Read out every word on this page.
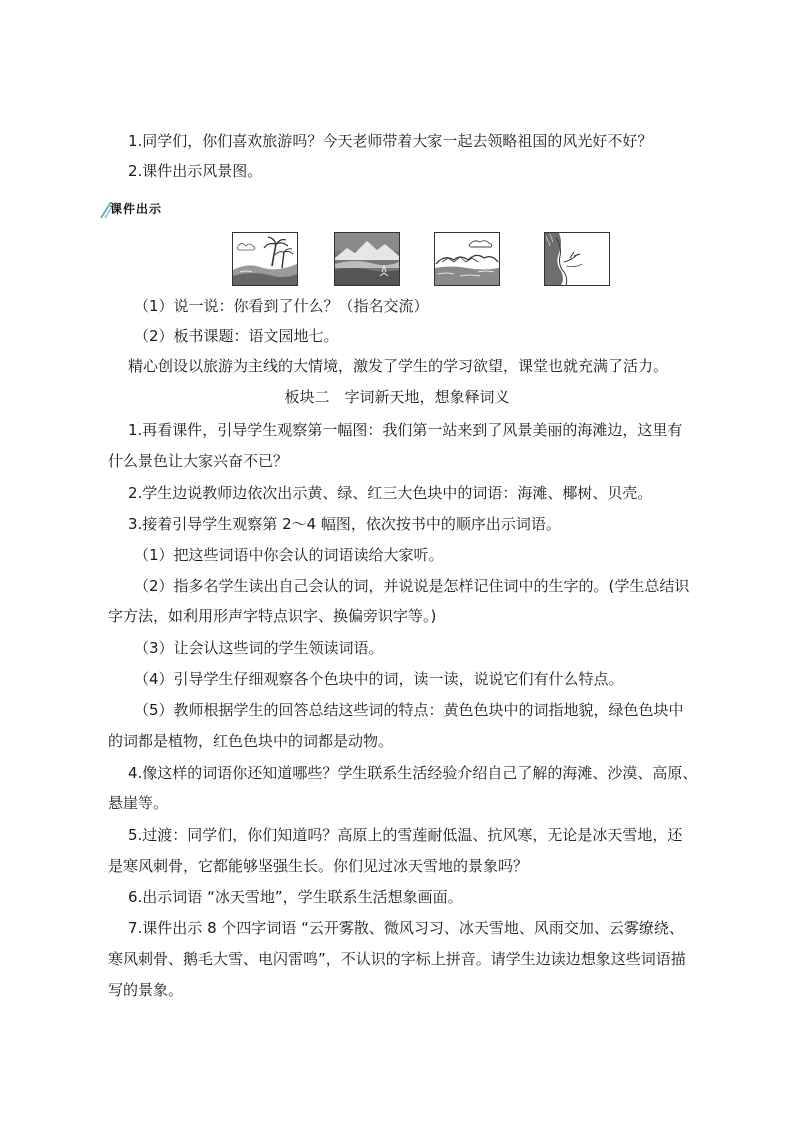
1.同学们，你们喜欢旅游吗？今天老师带着大家一起去领略祖国的风光好不好？
2.课件出示风景图。
课件出示
（1）说一说：你看到了什么？（指名交流）
（2）板书课题：语文园地七。
精心创设以旅游为主线的大情境，激发了学生的学习欲望，课堂也就充满了活力。
板块二　字词新天地，想象释词义
1.再看课件，引导学生观察第一幅图：我们第一站来到了风景美丽的海滩边，这里有
什么景色让大家兴奋不已？
2.学生边说教师边依次出示黄、绿、红三大色块中的词语：海滩、椰树、贝壳。
3.接着引导学生观察第 2～4 幅图，依次按书中的顺序出示词语。
（1）把这些词语中你会认的词语读给大家听。
（2）指多名学生读出自己会认的词，并说说是怎样记住词中的生字的。(学生总结识
字方法，如利用形声字特点识字、换偏旁识字等。)
（3）让会认这些词的学生领读词语。
（4）引导学生仔细观察各个色块中的词，读一读，说说它们有什么特点。
（5）教师根据学生的回答总结这些词的特点：黄色色块中的词指地貌，绿色色块中
的词都是植物，红色色块中的词都是动物。
4.像这样的词语你还知道哪些？学生联系生活经验介绍自己了解的海滩、沙漠、高原、
悬崖等。
5.过渡：同学们，你们知道吗？高原上的雪莲耐低温、抗风寒，无论是冰天雪地，还
是寒风刺骨，它都能够坚强生长。你们见过冰天雪地的景象吗？
6.出示词语 “冰天雪地”，学生联系生活想象画面。
7.课件出示 8 个四字词语 “云开雾散、微风习习、冰天雪地、风雨交加、云雾缭绕、
寒风刺骨、鹅毛大雪、电闪雷鸣”，不认识的字标上拼音。请学生边读边想象这些词语描
写的景象。
